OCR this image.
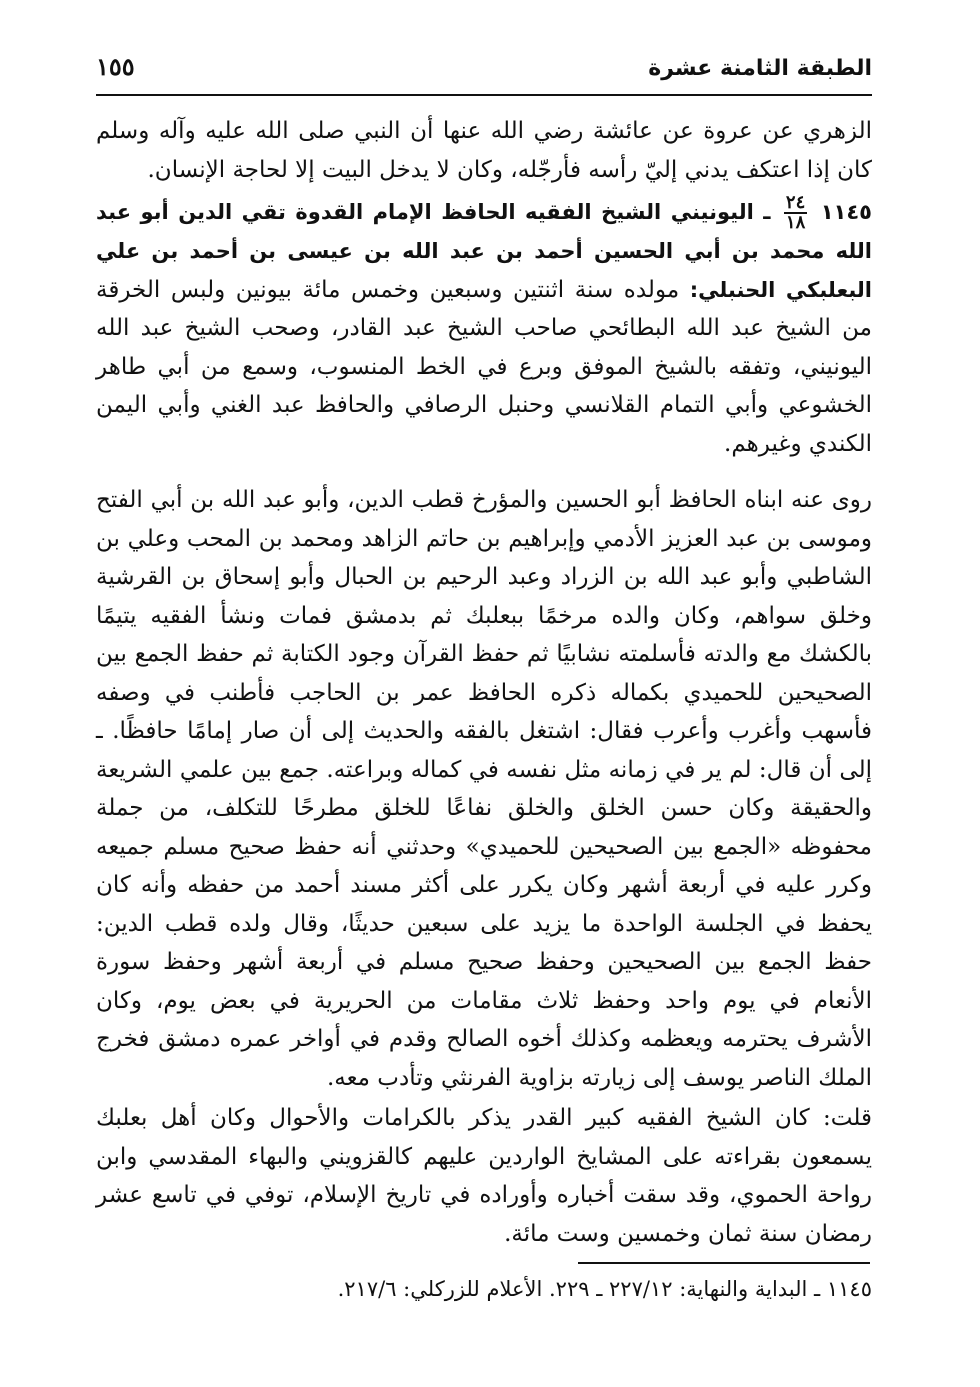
الطبقة الثامنة عشرة
١٥٥

الزهري عن عروة عن عائشة رضي الله عنها أن النبي صلى الله عليه وآله وسلم كان إذا اعتكف يدني إليّ رأسه فأرجّله، وكان لا يدخل البيت إلا لحاجة الإنسان.

١١٤٥
$\frac{٢٤}{١٨}$
ـ اليونيني الشيخ الفقيه الحافظ الإمام القدوة تقي الدين أبو عبد الله محمد بن أبي الحسين أحمد بن عبد الله بن عيسى بن أحمد بن علي البعلبكي الحنبلي: مولده سنة اثنتين وسبعين وخمس مائة بيونين ولبس الخرقة من الشيخ عبد الله البطائحي صاحب الشيخ عبد القادر، وصحب الشيخ عبد الله اليونيني، وتفقه بالشيخ الموفق وبرع في الخط المنسوب، وسمع من أبي طاهر الخشوعي وأبي التمام القلانسي وحنبل الرصافي والحافظ عبد الغني وأبي اليمن الكندي وغيرهم.

روى عنه ابناه الحافظ أبو الحسين والمؤرخ قطب الدين، وأبو عبد الله بن أبي الفتح وموسى بن عبد العزيز الأدمي وإبراهيم بن حاتم الزاهد ومحمد بن المحب وعلي بن الشاطبي وأبو عبد الله بن الزراد وعبد الرحيم بن الحبال وأبو إسحاق بن القرشية وخلق سواهم، وكان والده مرخمًا ببعلبك ثم بدمشق فمات ونشأ الفقيه يتيمًا بالكشك مع والدته فأسلمته نشابيًا ثم حفظ القرآن وجود الكتابة ثم حفظ الجمع بين الصحيحين للحميدي بكماله ذكره الحافظ عمر بن الحاجب فأطنب في وصفه فأسهب وأغرب وأعرب فقال: اشتغل بالفقه والحديث إلى أن صار إمامًا حافظًا. ـ إلى أن قال: لم ير في زمانه مثل نفسه في كماله وبراعته. جمع بين علمي الشريعة والحقيقة وكان حسن الخلق والخلق نفاعًا للخلق مطرحًا للتكلف، من جملة محفوظه «الجمع بين الصحيحين للحميدي» وحدثني أنه حفظ صحيح مسلم جميعه وكرر عليه في أربعة أشهر وكان يكرر على أكثر مسند أحمد من حفظه وأنه كان يحفظ في الجلسة الواحدة ما يزيد على سبعين حديثًا، وقال ولده قطب الدين: حفظ الجمع بين الصحيحين وحفظ صحيح مسلم في أربعة أشهر وحفظ سورة الأنعام في يوم واحد وحفظ ثلاث مقامات من الحريرية في بعض يوم، وكان الأشرف يحترمه ويعظمه وكذلك أخوه الصالح وقدم في أواخر عمره دمشق فخرج الملك الناصر يوسف إلى زيارته بزاوية الفرنثي وتأدب معه.

قلت: كان الشيخ الفقيه كبير القدر يذكر بالكرامات والأحوال وكان أهل بعلبك يسمعون بقراءته على المشايخ الواردين عليهم كالقزويني والبهاء المقدسي وابن رواحة الحموي، وقد سقت أخباره وأوراده في تاريخ الإسلام، توفي في تاسع عشر رمضان سنة ثمان وخمسين وست مائة.

١١٤٥ ـ البداية والنهاية: ٢٢٧/١٢ ـ ٢٢٩. الأعلام للزركلي: ٢١٧/٦.
